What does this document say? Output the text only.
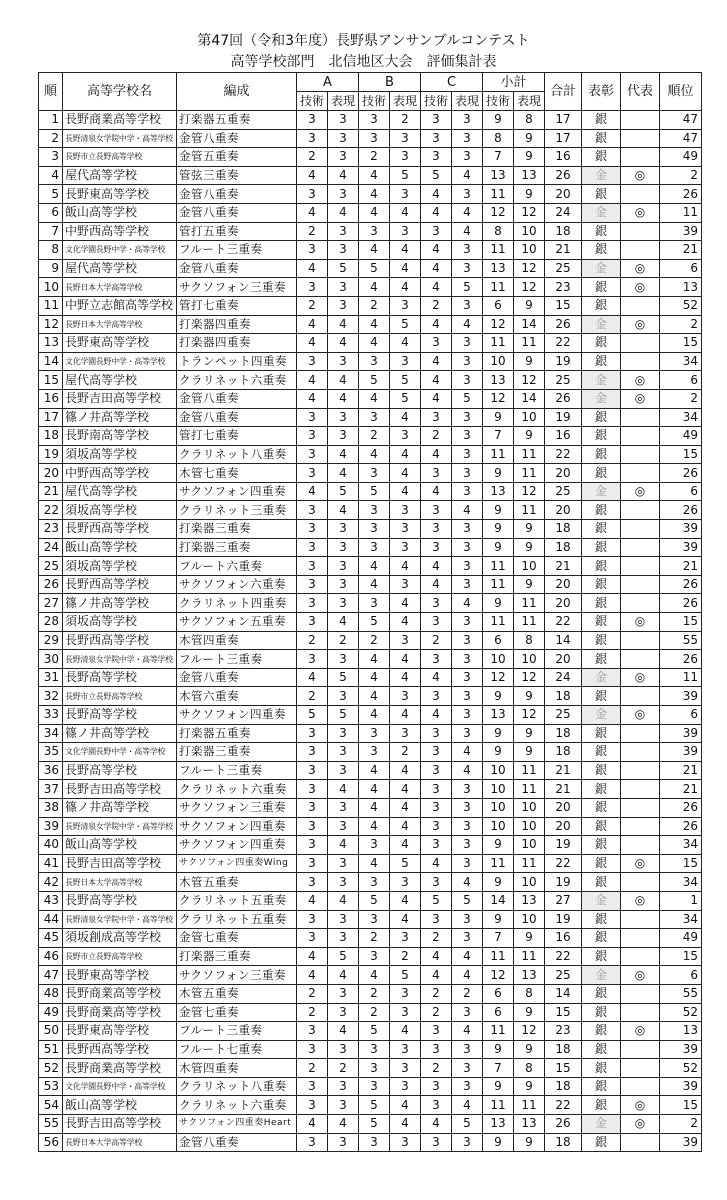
第47回（令和3年度）長野県アンサンブルコンテスト
高等学校部門　北信地区大会　評価集計表
順	高等学校名	編成	A		B		C		小計		合計	表彰	代表	順位
			技術	表現	技術	表現	技術	表現	技術	表現				
1	長野商業高等学校	打楽器五重奏	3	3	3	2	3	3	9	8	17	銀		47
2	長野清泉女学院中学・高等学校	金管八重奏	3	3	3	3	3	3	8	9	17	銀		47
3	長野市立長野高等学校	金管五重奏	2	3	2	3	3	3	7	9	16	銀		49
4	屋代高等学校	管弦三重奏	4	4	4	5	5	4	13	13	26	金	◎	2
5	長野東高等学校	金管八重奏	3	3	4	3	4	3	11	9	20	銀		26
6	飯山高等学校	金管八重奏	4	4	4	4	4	4	12	12	24	金	◎	11
7	中野西高等学校	管打五重奏	2	3	3	3	3	4	8	10	18	銀		39
8	文化学園長野中学・高等学校	フルート三重奏	3	3	4	4	4	3	11	10	21	銀		21
9	屋代高等学校	金管八重奏	4	5	5	4	4	3	13	12	25	金	◎	6
10	長野日本大学高等学校	サクソフォン三重奏	3	3	4	4	4	5	11	12	23	銀	◎	13
11	中野立志館高等学校	管打七重奏	2	3	2	3	2	3	6	9	15	銀		52
12	長野日本大学高等学校	打楽器四重奏	4	4	4	5	4	4	12	14	26	金	◎	2
13	長野東高等学校	打楽器四重奏	4	4	4	4	3	3	11	11	22	銀		15
14	文化学園長野中学・高等学校	トランペット四重奏	3	3	3	3	4	3	10	9	19	銀		34
15	屋代高等学校	クラリネット六重奏	4	4	5	5	4	3	13	12	25	金	◎	6
16	長野吉田高等学校	金管八重奏	4	4	4	5	4	5	12	14	26	金	◎	2
17	篠ノ井高等学校	金管八重奏	3	3	3	4	3	3	9	10	19	銀		34
18	長野南高等学校	管打七重奏	3	3	2	3	2	3	7	9	16	銀		49
19	須坂高等学校	クラリネット八重奏	3	4	4	4	4	3	11	11	22	銀		15
20	中野西高等学校	木管七重奏	3	4	3	4	3	3	9	11	20	銀		26
21	屋代高等学校	サクソフォン四重奏	4	5	5	4	4	3	13	12	25	金	◎	6
22	須坂高等学校	クラリネット三重奏	3	4	3	3	3	4	9	11	20	銀		26
23	長野西高等学校	打楽器三重奏	3	3	3	3	3	3	9	9	18	銀		39
24	飯山高等学校	打楽器三重奏	3	3	3	3	3	3	9	9	18	銀		39
25	須坂高等学校	フルート六重奏	3	3	4	4	4	3	11	10	21	銀		21
26	長野西高等学校	サクソフォン六重奏	3	3	4	3	4	3	11	9	20	銀		26
27	篠ノ井高等学校	クラリネット四重奏	3	3	3	4	3	4	9	11	20	銀		26
28	須坂高等学校	サクソフォン五重奏	3	4	5	4	3	3	11	11	22	銀	◎	15
29	長野西高等学校	木管四重奏	2	2	2	3	2	3	6	8	14	銀		55
30	長野清泉女学院中学・高等学校	フルート三重奏	3	3	4	4	3	3	10	10	20	銀		26
31	長野高等学校	金管八重奏	4	5	4	4	4	3	12	12	24	金	◎	11
32	長野市立長野高等学校	木管六重奏	2	3	4	3	3	3	9	9	18	銀		39
33	長野高等学校	サクソフォン四重奏	5	5	4	4	4	3	13	12	25	金	◎	6
34	篠ノ井高等学校	打楽器五重奏	3	3	3	3	3	3	9	9	18	銀		39
35	文化学園長野中学・高等学校	打楽器三重奏	3	3	3	2	3	4	9	9	18	銀		39
36	長野高等学校	フルート三重奏	3	3	4	4	3	4	10	11	21	銀		21
37	長野吉田高等学校	クラリネット六重奏	3	4	4	4	3	3	10	11	21	銀		21
38	篠ノ井高等学校	サクソフォン三重奏	3	3	4	4	3	3	10	10	20	銀		26
39	長野清泉女学院中学・高等学校	サクソフォン四重奏	3	3	4	4	3	3	10	10	20	銀		26
40	飯山高等学校	サクソフォン四重奏	3	4	3	4	3	3	9	10	19	銀		34
41	長野吉田高等学校	サクソフォン四重奏Wing	3	3	4	5	4	3	11	11	22	銀	◎	15
42	長野日本大学高等学校	木管五重奏	3	3	3	3	3	4	9	10	19	銀		34
43	長野高等学校	クラリネット五重奏	4	4	5	4	5	5	14	13	27	金	◎	1
44	長野清泉女学院中学・高等学校	クラリネット五重奏	3	3	3	4	3	3	9	10	19	銀		34
45	須坂創成高等学校	金管七重奏	3	3	2	3	2	3	7	9	16	銀		49
46	長野市立長野高等学校	打楽器三重奏	4	5	3	2	4	4	11	11	22	銀		15
47	長野東高等学校	サクソフォン三重奏	4	4	4	5	4	4	12	13	25	金	◎	6
48	長野商業高等学校	木管五重奏	2	3	2	3	2	2	6	8	14	銀		55
49	長野商業高等学校	金管七重奏	2	3	2	3	2	3	6	9	15	銀		52
50	長野東高等学校	フルート三重奏	3	4	5	4	3	4	11	12	23	銀	◎	13
51	長野西高等学校	フルート七重奏	3	3	3	3	3	3	9	9	18	銀		39
52	長野商業高等学校	木管四重奏	2	2	3	3	2	3	7	8	15	銀		52
53	文化学園長野中学・高等学校	クラリネット八重奏	3	3	3	3	3	3	9	9	18	銀		39
54	飯山高等学校	クラリネット六重奏	3	3	5	4	3	4	11	11	22	銀	◎	15
55	長野吉田高等学校	サクソフォン四重奏Heart	4	4	5	4	4	5	13	13	26	金	◎	2
56	長野日本大学高等学校	金管八重奏	3	3	3	3	3	3	9	9	18	銀		39
